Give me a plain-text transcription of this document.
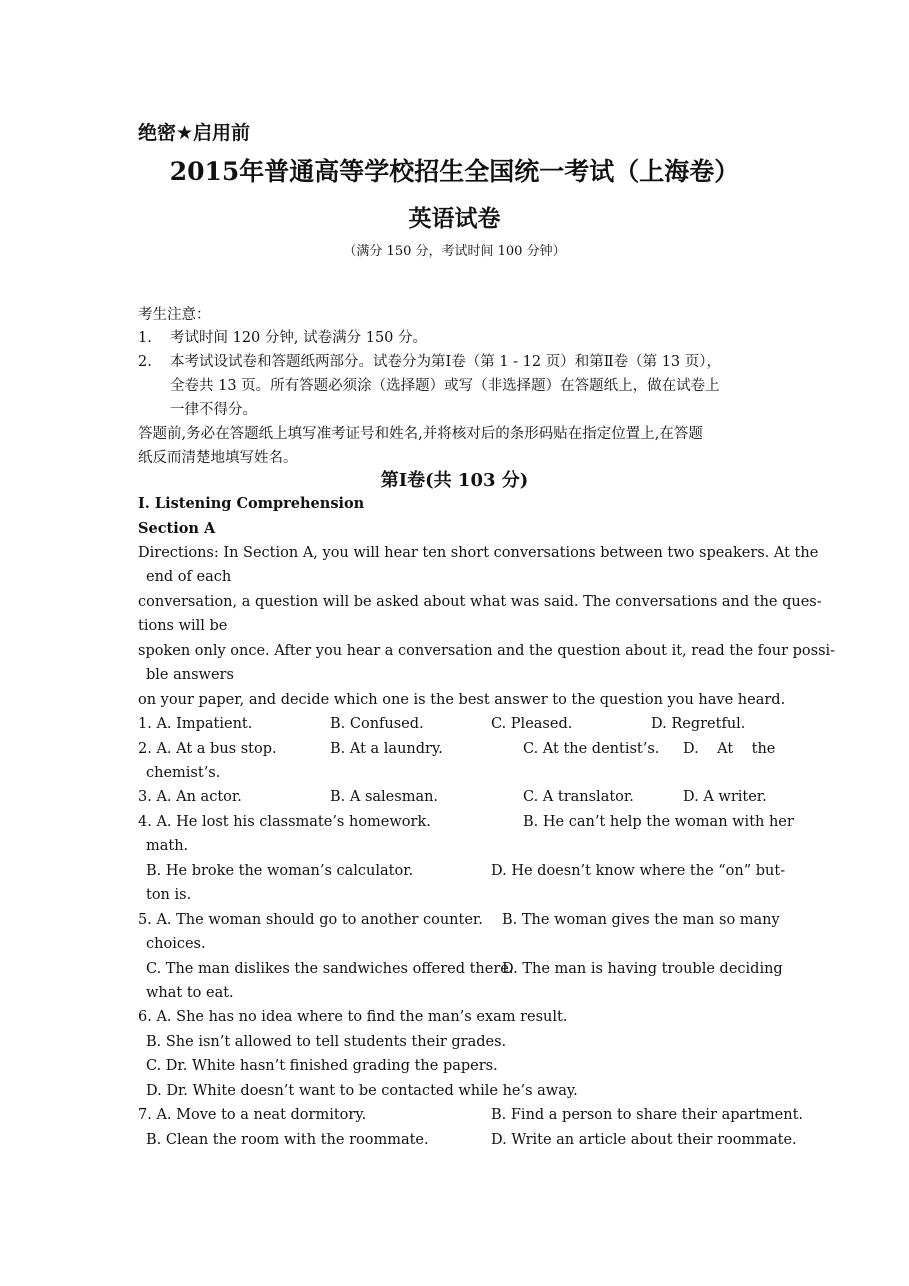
绝密★启用前
2015年普通高等学校招生全国统一考试（上海卷）
英语试卷
（满分 150 分，考试时间 100 分钟）
考生注意：
1. 考试时间 120 分钟, 试卷满分 150 分。
2. 本考试设试卷和答题纸两部分。试卷分为第Ⅰ卷（第 1 - 12 页）和第Ⅱ卷（第 13 页），
全卷共 13 页。所有答题必须涂（选择题）或写（非选择题）在答题纸上，做在试卷上
一律不得分。
答题前,务必在答题纸上填写准考证号和姓名,并将核对后的条形码贴在指定位置上,在答题
纸反而清楚地填写姓名。
第Ⅰ卷(共 103 分)
I. Listening Comprehension
Section A
Directions: In Section A, you will hear ten short conversations between two speakers. At the
end of each
conversation, a question will be asked about what was said. The conversations and the ques-
tions will be
spoken only once. After you hear a conversation and the question about it, read the four possi-
ble answers
on your paper, and decide which one is the best answer to the question you have heard.
1. A. Impatient.	B. Confused.	C. Pleased.	D. Regretful.
2. A. At a bus stop.	B. At a laundry.	C. At the dentist’s. D.    At    the
chemist’s.
3. A. An actor.	B. A salesman.	C. A translator.	D. A writer.
4. A. He lost his classmate’s homework.	B. He can’t help the woman with her
math.
B. He broke the woman’s calculator.	D. He doesn’t know where the “on” but-
ton is.
5. A. The woman should go to another counter. B. The woman gives the man so many
choices.
C. The man dislikes the sandwiches offered there.
D. The man is having trouble deciding
what to eat.
6. A. She has no idea where to find the man’s exam result.
B. She isn’t allowed to tell students their grades.
C. Dr. White hasn’t finished grading the papers.
D. Dr. White doesn’t want to be contacted while he’s away.
7. A. Move to a neat dormitory.	B. Find a person to share their apartment.
B. Clean the room with the roommate.	D. Write an article about their roommate.
